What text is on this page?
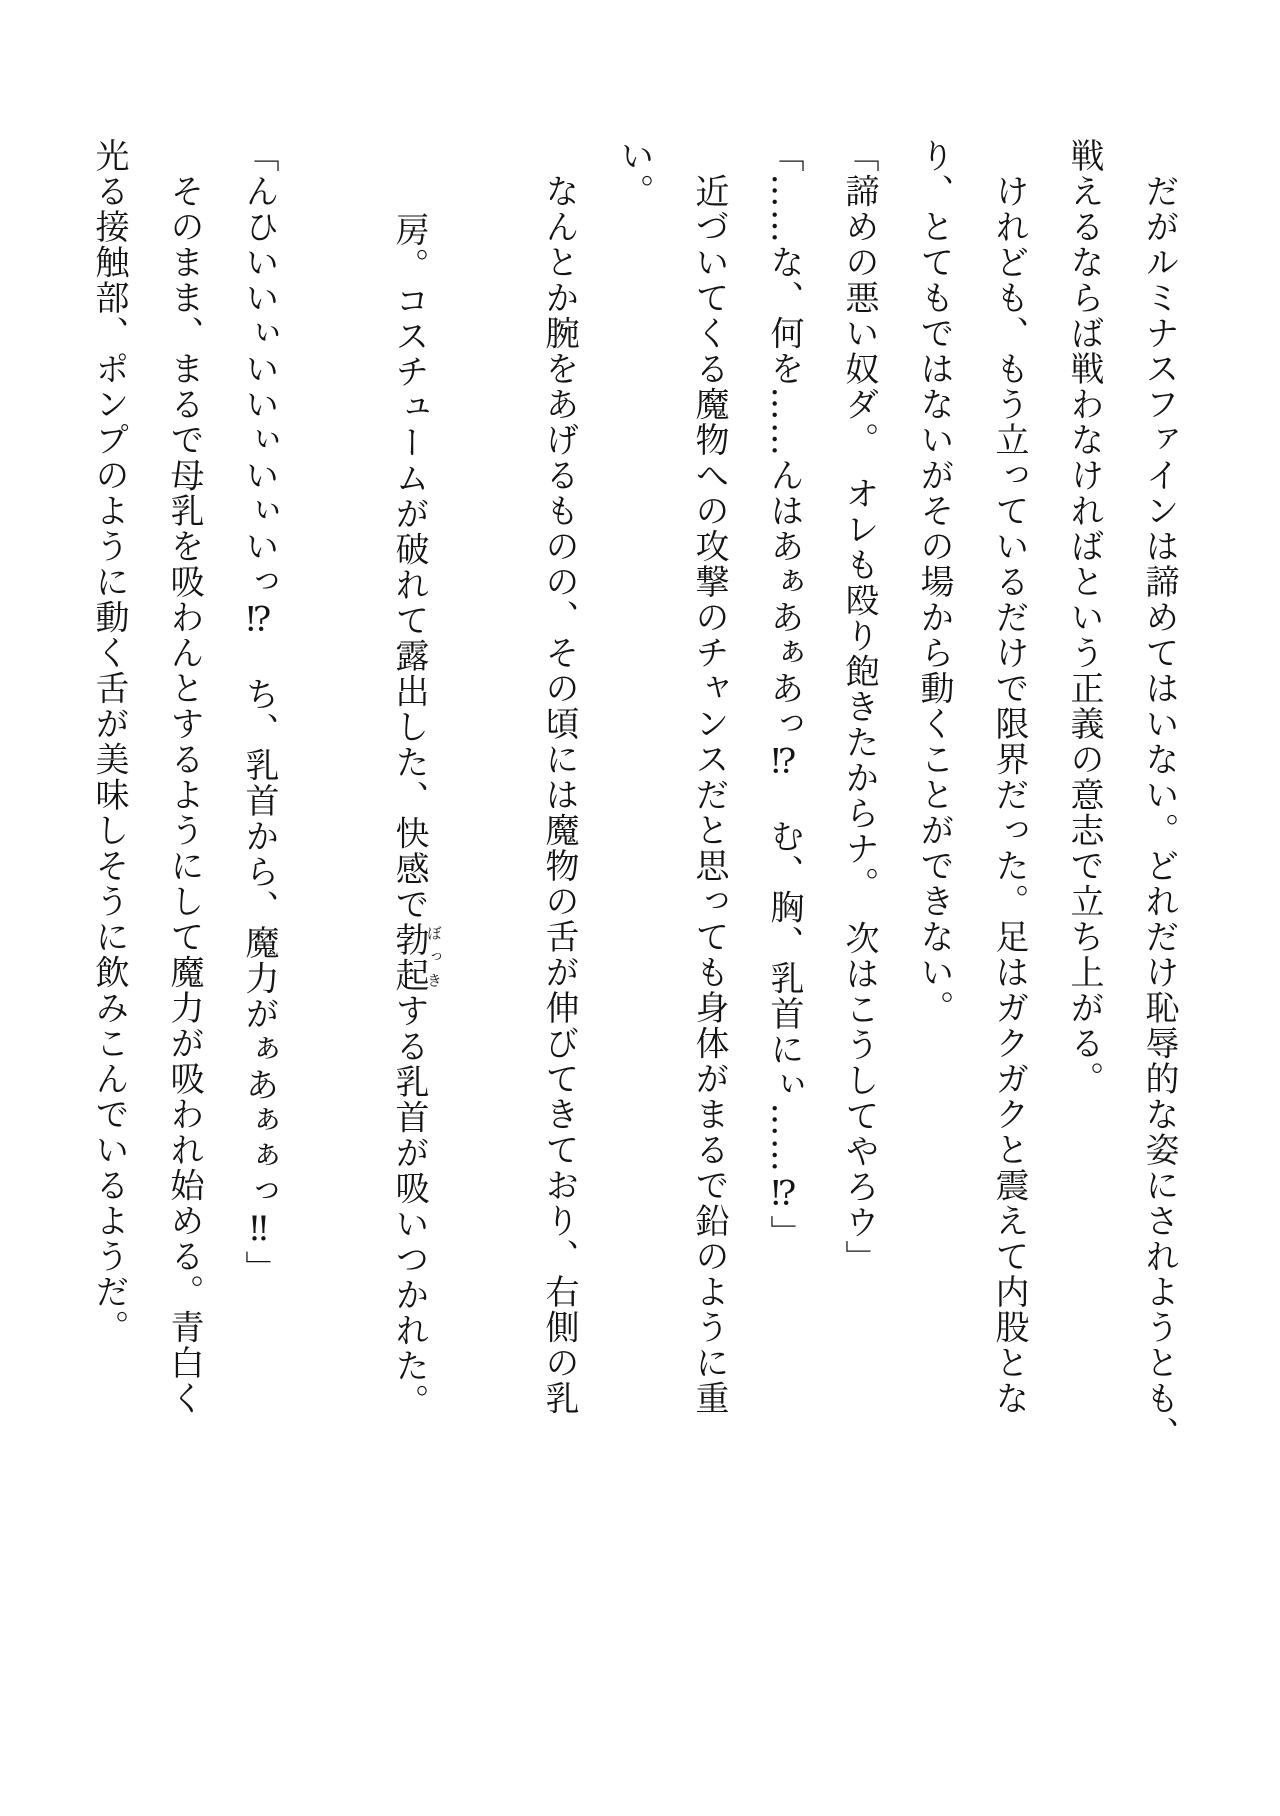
　だがルミナスファインは諦めてはいない。どれだけ恥辱的な姿にされようとも、
戦えるならば戦わなければという正義の意志で立ち上がる。
　けれども、もう立っているだけで限界だった。足はガクガクと震えて内股とな
り、とてもではないがその場から動くことができない。
「諦めの悪い奴ダ。　オレも殴り飽きたからナ。　次はこうしてやろウ」
「……な、何を……んはあぁあぁあっ⁉　む、胸、乳首にぃ……⁉」
　近づいてくる魔物への攻撃のチャンスだと思っても身体がまるで鉛のように重
い。
　なんとか腕をあげるものの、その頃には魔物の舌が伸びてきており、右側の乳

房。コスチュームが破れて露出した、快感で勃起ぼっきする乳首が吸いつかれた。

「んひいいぃいいぃいぃいっ⁉　ち、乳首から、魔力がぁあぁぁっ‼」
　そのまま、まるで母乳を吸わんとするようにして魔力が吸われ始める。青白く
光る接触部、ポンプのように動く舌が美味しそうに飲みこんでいるようだ。
